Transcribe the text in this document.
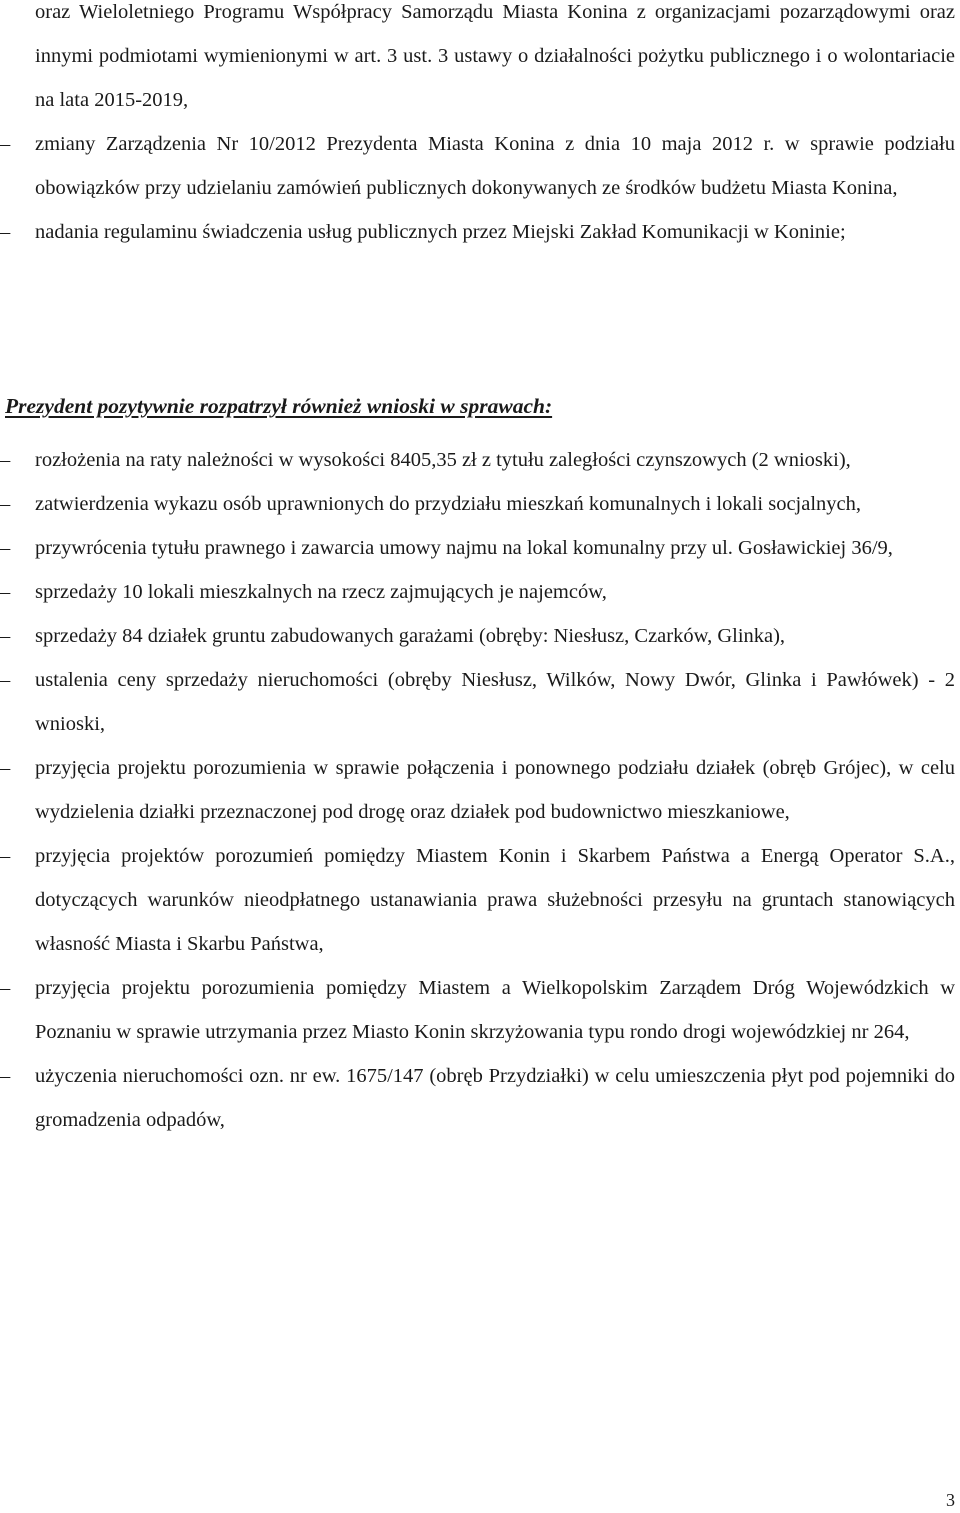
oraz Wieloletniego Programu Współpracy Samorządu Miasta Konina z organizacjami pozarządowymi oraz innymi podmiotami wymienionymi w art. 3 ust. 3 ustawy o działalności pożytku publicznego i o wolontariacie na lata 2015-2019,

–	zmiany Zarządzenia Nr 10/2012 Prezydenta Miasta Konina z dnia 10 maja 2012 r. w sprawie podziału obowiązków przy udzielaniu zamówień publicznych dokonywanych ze środków budżetu Miasta Konina,

–	nadania regulaminu świadczenia usług publicznych przez Miejski Zakład Komunikacji w Koninie;

Prezydent pozytywnie rozpatrzył również wnioski w sprawach:

–	rozłożenia na raty należności w wysokości 8405,35 zł z tytułu zaległości czynszowych (2 wnioski),

–	zatwierdzenia wykazu osób uprawnionych do przydziału mieszkań komunalnych i lokali socjalnych,

–	przywrócenia tytułu prawnego i zawarcia umowy najmu na lokal komunalny przy ul. Gosławickiej 36/9,

–	sprzedaży 10 lokali mieszkalnych na rzecz zajmujących je najemców,

–	sprzedaży 84 działek gruntu zabudowanych garażami (obręby: Niesłusz, Czarków, Glinka),

–	ustalenia ceny sprzedaży nieruchomości (obręby Niesłusz, Wilków, Nowy Dwór, Glinka i Pawłówek) - 2 wnioski,

–	przyjęcia projektu porozumienia w sprawie połączenia i ponownego podziału działek (obręb Grójec), w celu wydzielenia działki przeznaczonej pod drogę oraz działek pod budownictwo mieszkaniowe,

–	przyjęcia projektów porozumień pomiędzy Miastem Konin i Skarbem Państwa a Energą Operator S.A., dotyczących warunków nieodpłatnego ustanawiania prawa służebności przesyłu na gruntach stanowiących własność Miasta i Skarbu Państwa,

–	przyjęcia projektu porozumienia pomiędzy Miastem a Wielkopolskim Zarządem Dróg Wojewódzkich w Poznaniu w sprawie utrzymania przez Miasto Konin skrzyżowania typu rondo drogi wojewódzkiej nr 264,

–	użyczenia nieruchomości ozn. nr ew. 1675/147 (obręb Przydziałki) w celu umieszczenia płyt pod pojemniki do gromadzenia odpadów,

3
